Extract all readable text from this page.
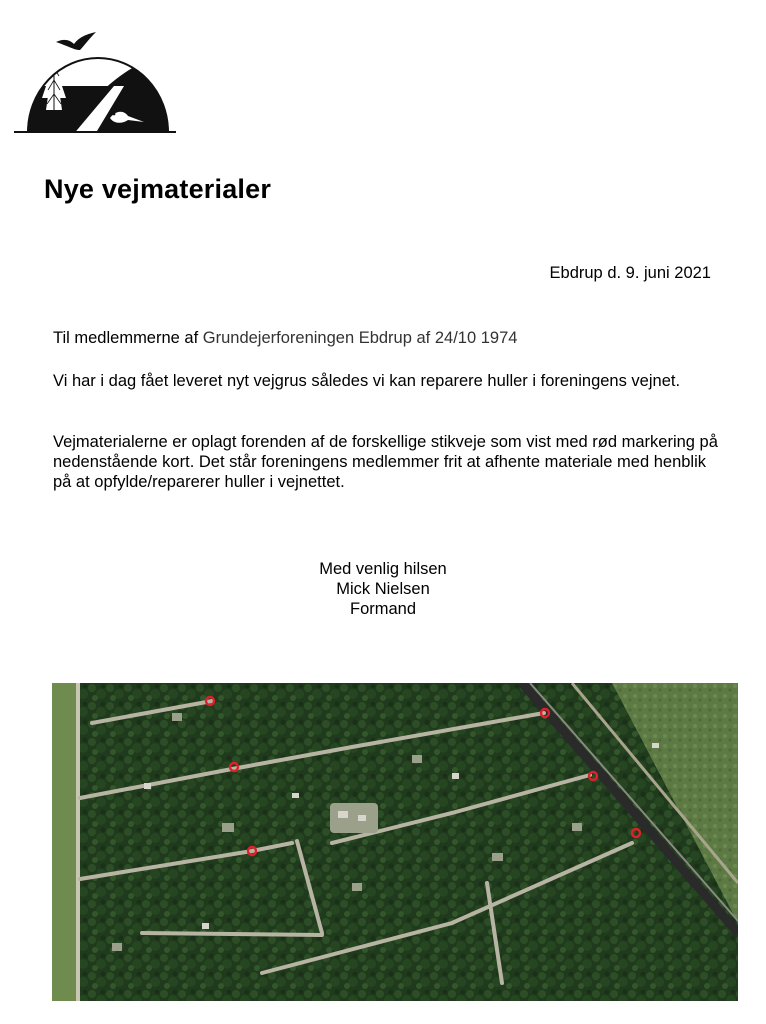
Nye vejmaterialer
Ebdrup d. 9. juni 2021

Til medlemmerne af Grundejerforeningen Ebdrup af 24/10 1974

Vi har i dag fået leveret nyt vejgrus således vi kan reparere huller i foreningens vejnet.

Vejmaterialerne er oplagt forenden af de forskellige stikveje som vist med rød markering på nedenstående kort. Det står foreningens medlemmer frit at afhente materiale med henblik på at opfylde/reparerer huller i vejnettet.

Med venlig hilsen
Mick Nielsen
Formand
